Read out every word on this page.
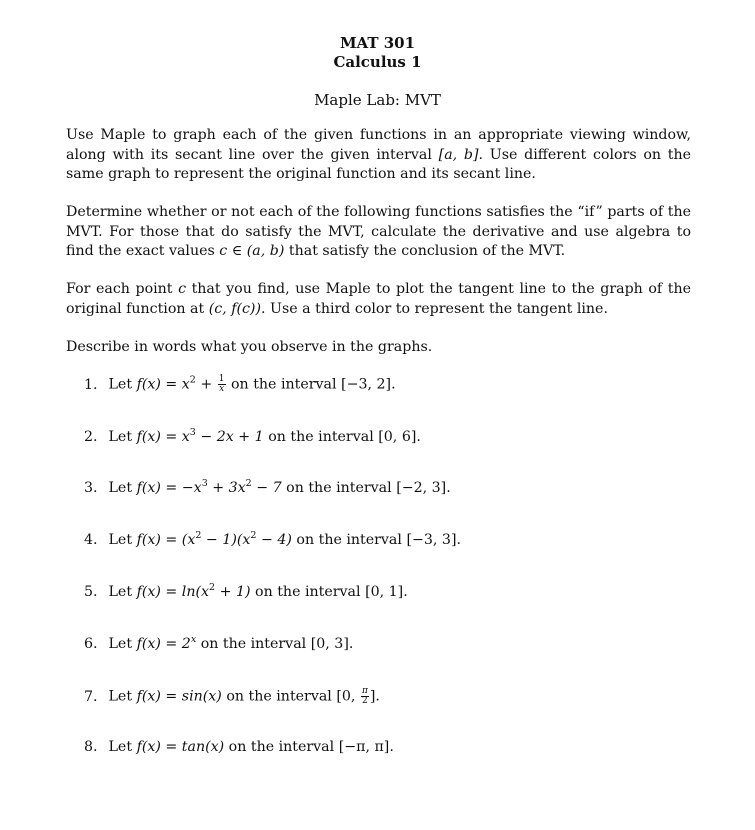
MAT 301
Calculus 1
Maple Lab: MVT

Use Maple to graph each of the given functions in an appropriate viewing window, along with its secant line over the given interval [a, b]. Use different colors on the same graph to represent the original function and its secant line.

Determine whether or not each of the following functions satisfies the “if” parts of the MVT. For those that do satisfy the MVT, calculate the derivative and use algebra to find the exact values c ∈ (a, b) that satisfy the conclusion of the MVT.

For each point c that you find, use Maple to plot the tangent line to the graph of the original function at (c, f(c)). Use a third color to represent the tangent line.

Describe in words what you observe in the graphs.

1. Let $f(x) = x^2 + \frac{1}{x}$ on the interval [−3, 2].
2. Let $f(x) = x^3 - 2x + 1$ on the interval [0, 6].
3. Let $f(x) = -x^3 + 3x^2 - 7$ on the interval [−2, 3].
4. Let $f(x) = (x^2 - 1)(x^2 - 4)$ on the interval [−3, 3].
5. Let $f(x) = \ln(x^2 + 1)$ on the interval [0, 1].
6. Let $f(x) = 2^x$ on the interval [0, 3].
7. Let f(x) = sin(x) on the interval [0, $\frac{\pi}{2}$ ].
8. Let f(x) = tan(x) on the interval [−π, π].
